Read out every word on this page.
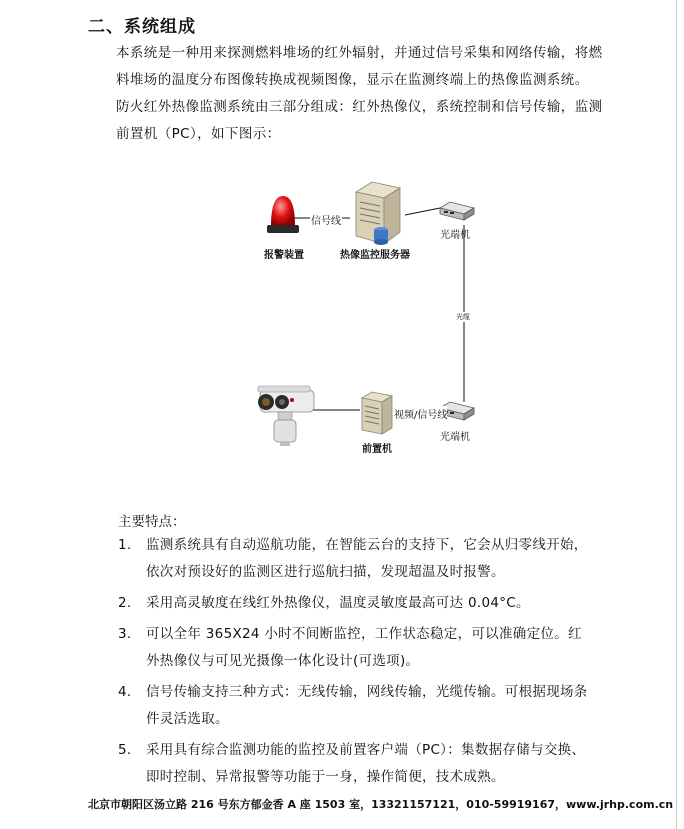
二、系统组成
本系统是一种用来探测燃料堆场的红外辐射，并通过信号采集和网络传输，将燃料堆场的温度分布图像转换成视频图像，显示在监测终端上的热像监测系统。
防火红外热像监测系统由三部分组成：红外热像仪，系统控制和信号传输，监测前置机（PC），如下图示：
报警装置
信号线
热像监控服务器
光端机
光缆
视频/信号线
光端机
前置机
主要特点：
1. 监测系统具有自动巡航功能，在智能云台的支持下，它会从归零线开始，依次对预设好的监测区进行巡航扫描，发现超温及时报警。
2. 采用高灵敏度在线红外热像仪，温度灵敏度最高可达 0.04°C。
3. 可以全年 365X24 小时不间断监控，工作状态稳定，可以准确定位。红外热像仪与可见光摄像一体化设计(可选项)。
4. 信号传输支持三种方式：无线传输，网线传输，光缆传输。可根据现场条件灵活选取。
5. 采用具有综合监测功能的监控及前置客户端（PC）：集数据存储与交换、即时控制、异常报警等功能于一身，操作简便，技术成熟。
北京市朝阳区汤立路 216 号东方郁金香 A 座 1503 室，13321157121，010-59919167，www.jrhp.com.cn
